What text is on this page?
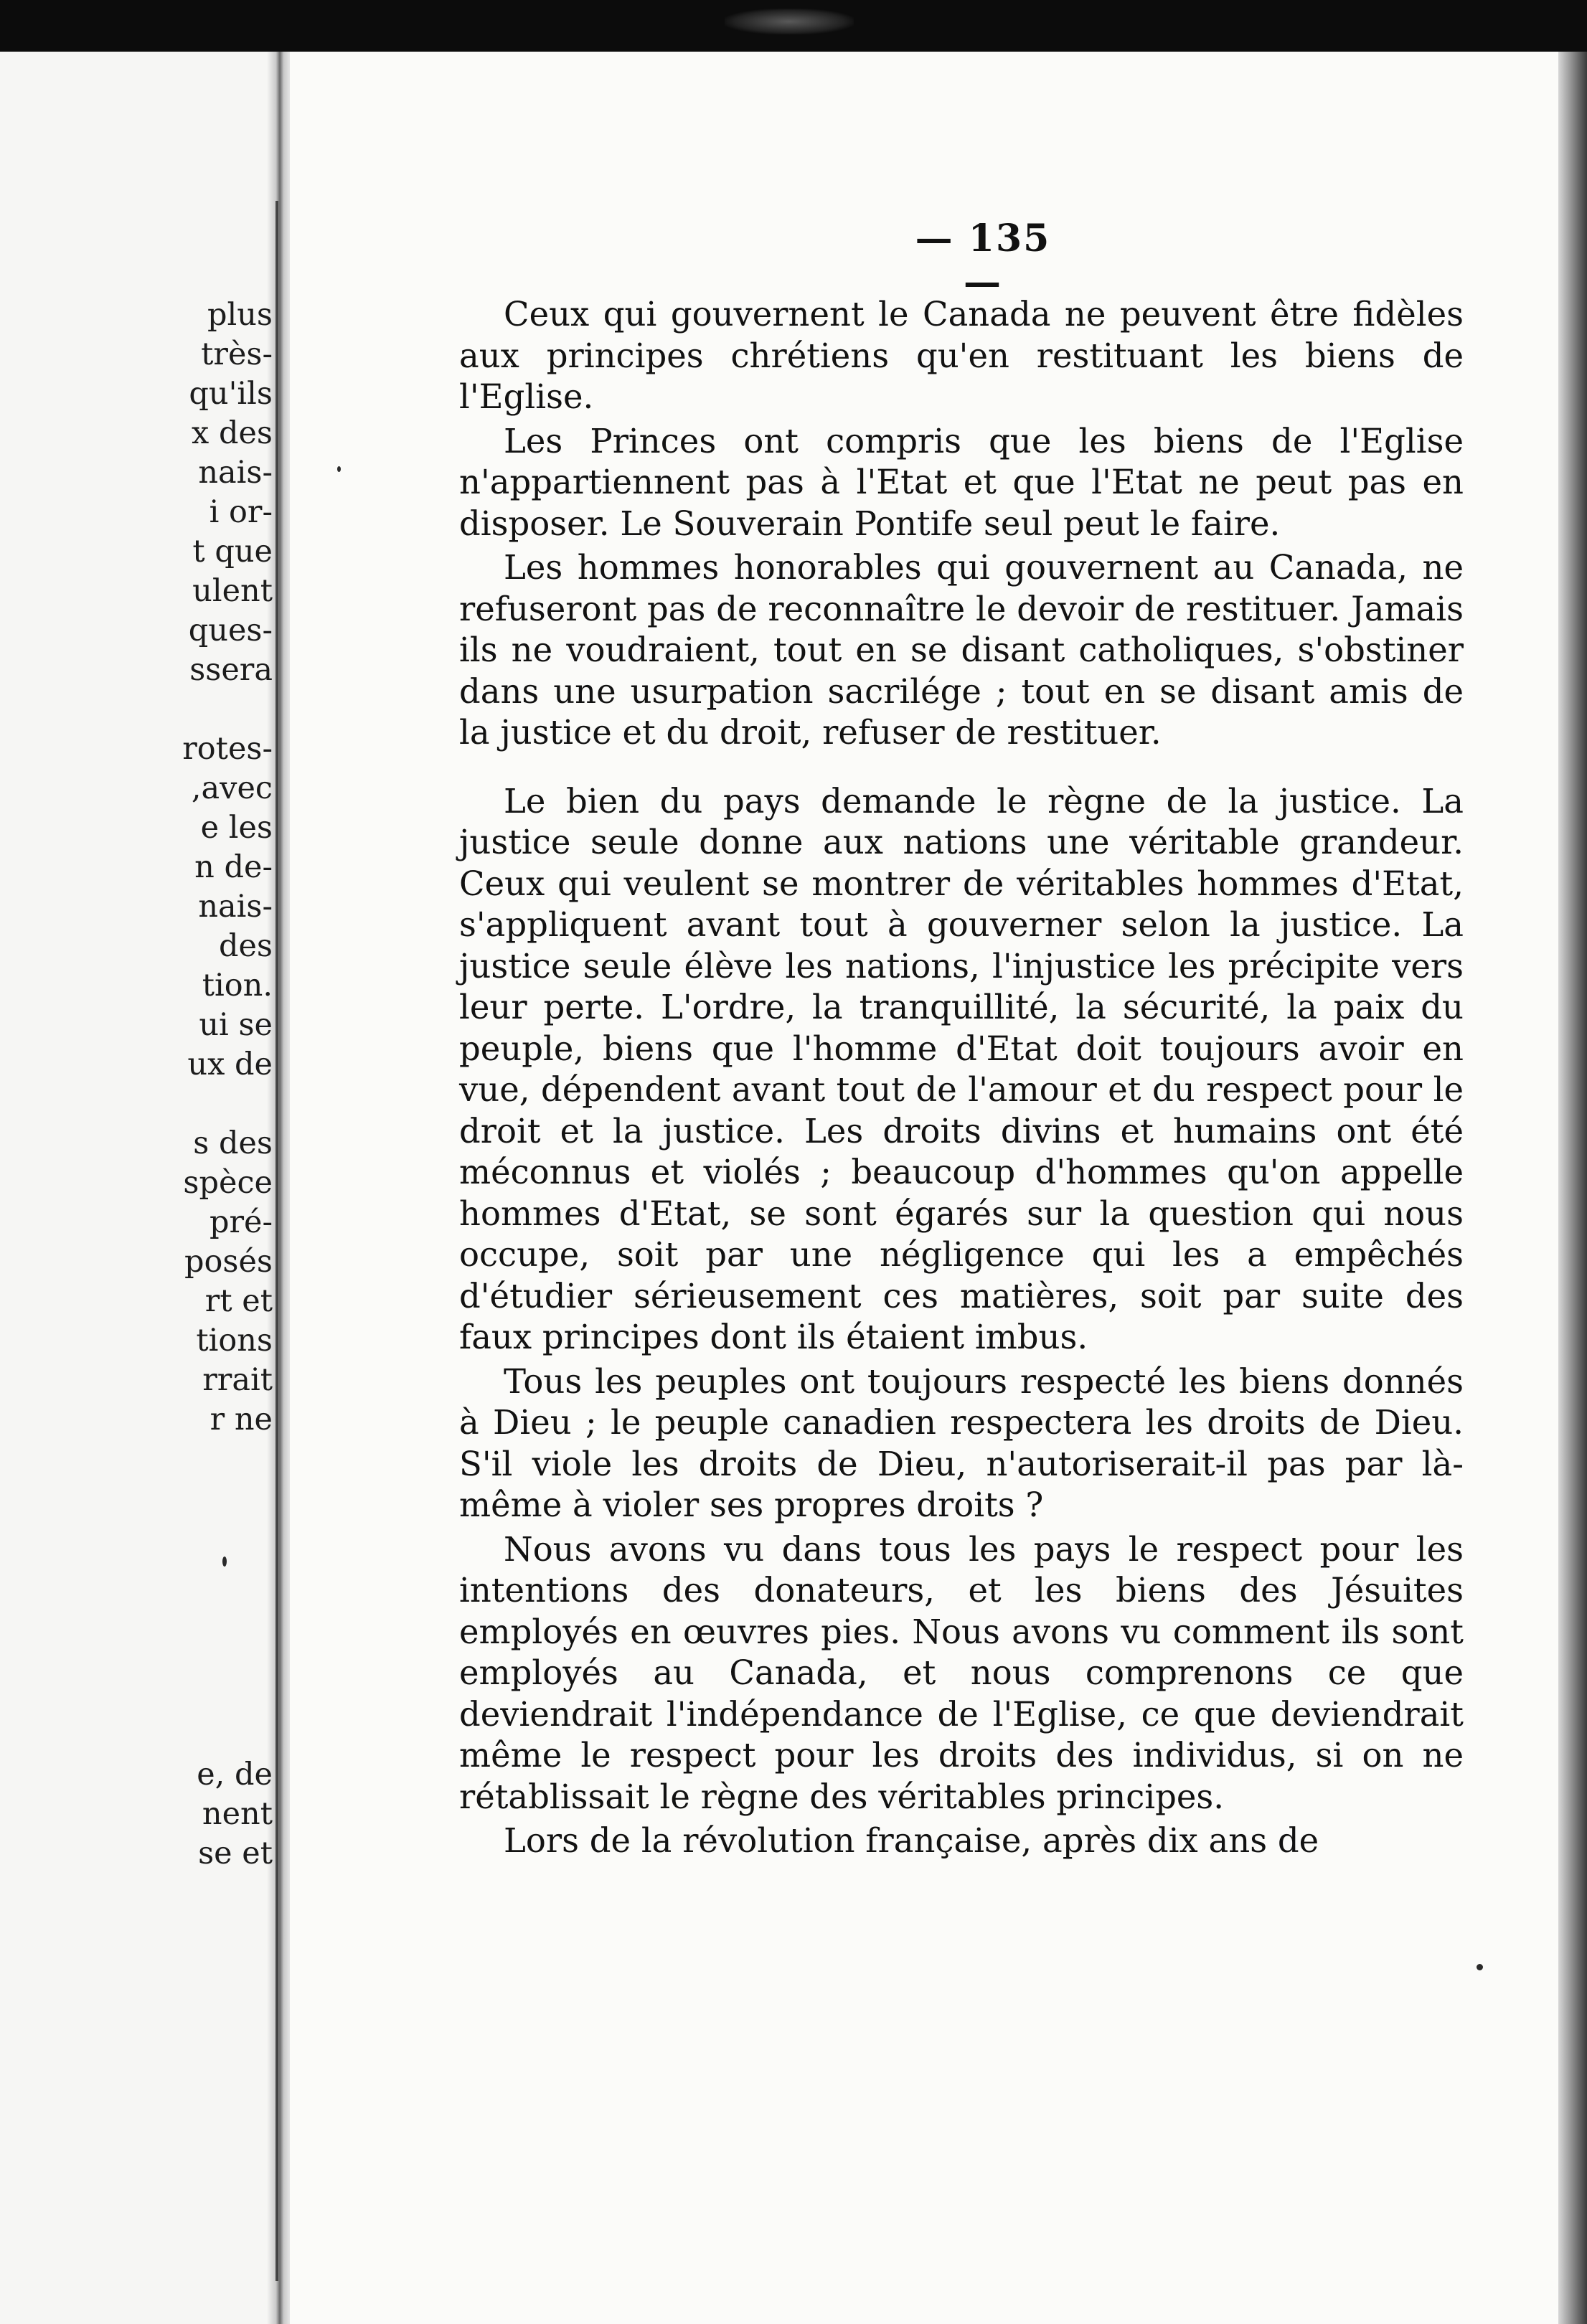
plus
très-
qu'ils
x des
nais-
i or-
t que
ulent
ques-
ssera
rotes-
,avec
e les
n de-
nais-
des
tion.
ui se
ux de
s des
spèce
pré-
posés
rt et
tions
rrait
r ne
e, de
nent
se et
— 135 —

Ceux qui gouvernent le Canada ne peuvent être fidèles aux principes chrétiens qu'en restituant les biens de l'Eglise.

Les Princes ont compris que les biens de l'Eglise n'appartiennent pas à l'Etat et que l'Etat ne peut pas en disposer. Le Souverain Pontife seul peut le faire.

Les hommes honorables qui gouvernent au Canada, ne refuseront pas de reconnaître le devoir de restituer. Jamais ils ne voudraient, tout en se disant catholiques, s'obstiner dans une usurpation sacrilége ; tout en se disant amis de la justice et du droit, refuser de restituer.

Le bien du pays demande le règne de la justice. La justice seule donne aux nations une véritable grandeur. Ceux qui veulent se montrer de véritables hommes d'Etat, s'appliquent avant tout à gouverner selon la justice. La justice seule élève les nations, l'injustice les précipite vers leur perte. L'ordre, la tranquillité, la sécurité, la paix du peuple, biens que l'homme d'Etat doit toujours avoir en vue, dépendent avant tout de l'amour et du respect pour le droit et la justice. Les droits divins et humains ont été méconnus et violés ; beaucoup d'hommes qu'on appelle hommes d'Etat, se sont égarés sur la question qui nous occupe, soit par une négligence qui les a empêchés d'étudier sérieusement ces matières, soit par suite des faux principes dont ils étaient imbus.

Tous les peuples ont toujours respecté les biens donnés à Dieu ; le peuple canadien respectera les droits de Dieu. S'il viole les droits de Dieu, n'autoriserait-il pas par là-même à violer ses propres droits ?

Nous avons vu dans tous les pays le respect pour les intentions des donateurs, et les biens des Jésuites employés en œuvres pies. Nous avons vu comment ils sont employés au Canada, et nous comprenons ce que deviendrait l'indépendance de l'Eglise, ce que deviendrait même le respect pour les droits des individus, si on ne rétablissait le règne des véritables principes.

Lors de la révolution française, après dix ans de
